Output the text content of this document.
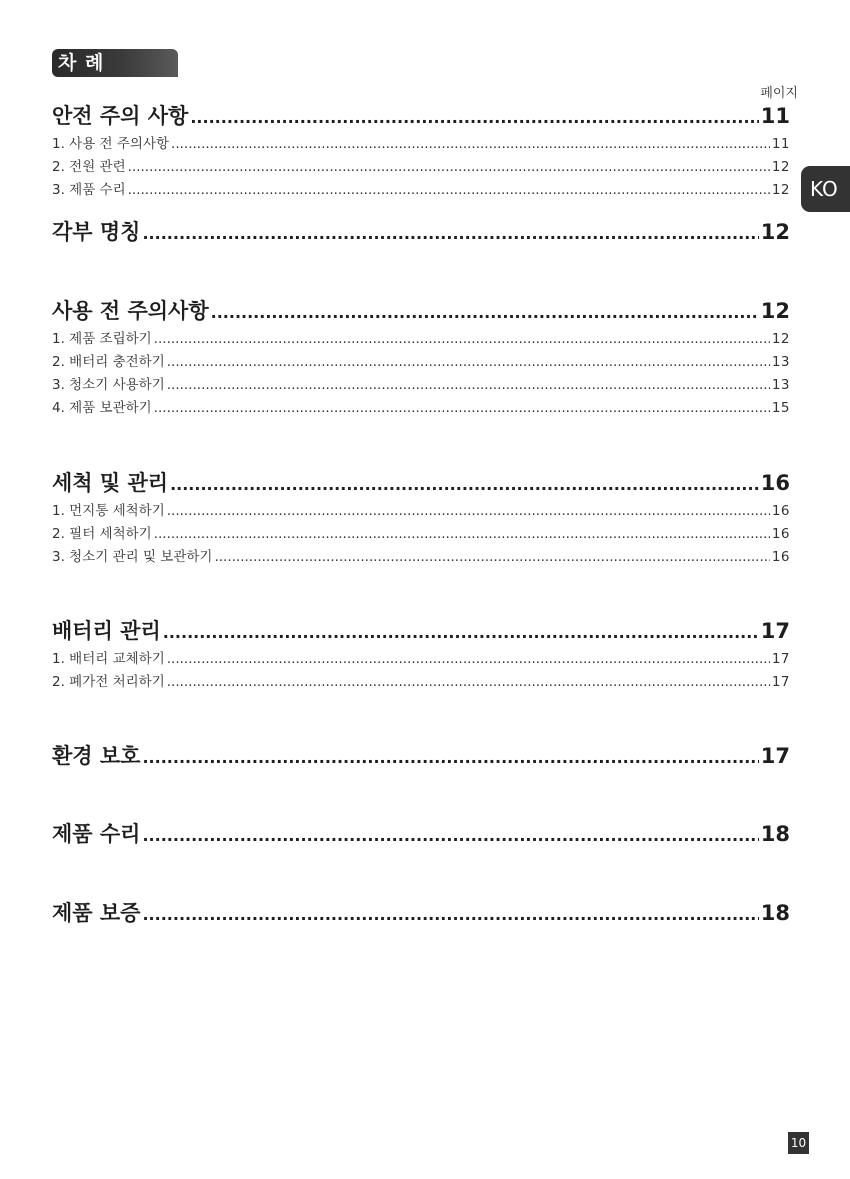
차 례
페이지
KO
안전 주의 사항 .....	11
1. 사용 전 주의사항 .....	11
2. 전원 관련 .....	12
3. 제품 수리 .....	12
각부 명칭 .....	12
사용 전 주의사항 .....	12
1. 제품 조립하기 .....	12
2. 배터리 충전하기 .....	13
3. 청소기 사용하기 .....	13
4. 제품 보관하기 .....	15
세척 및 관리 .....	16
1. 먼지통 세척하기 .....	16
2. 필터 세척하기 .....	16
3. 청소기 관리 및 보관하기 .....	16
배터리 관리 .....	17
1. 배터리 교체하기 .....	17
2. 폐가전 처리하기 .....	17
환경 보호 .....	17
제품 수리 .....	18
제품 보증 .....	18
10
